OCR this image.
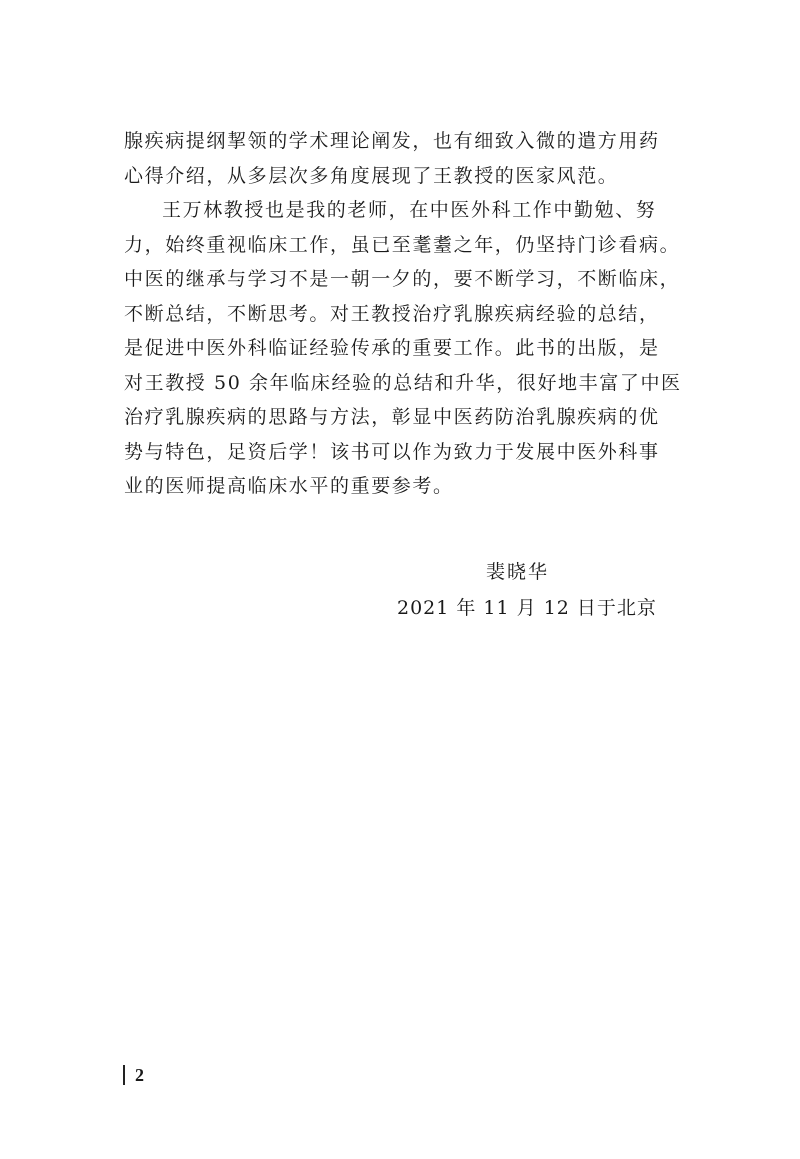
腺疾病提纲挈领的学术理论阐发，也有细致入微的遣方用药
心得介绍，从多层次多角度展现了王教授的医家风范。
王万林教授也是我的老师，在中医外科工作中勤勉、努
力，始终重视临床工作，虽已至耄耋之年，仍坚持门诊看病。
中医的继承与学习不是一朝一夕的，要不断学习，不断临床，
不断总结，不断思考。对王教授治疗乳腺疾病经验的总结，
是促进中医外科临证经验传承的重要工作。此书的出版，是
对王教授 50 余年临床经验的总结和升华，很好地丰富了中医
治疗乳腺疾病的思路与方法，彰显中医药防治乳腺疾病的优
势与特色，足资后学！该书可以作为致力于发展中医外科事
业的医师提高临床水平的重要参考。
裴晓华
2021 年 11 月 12 日于北京
2
